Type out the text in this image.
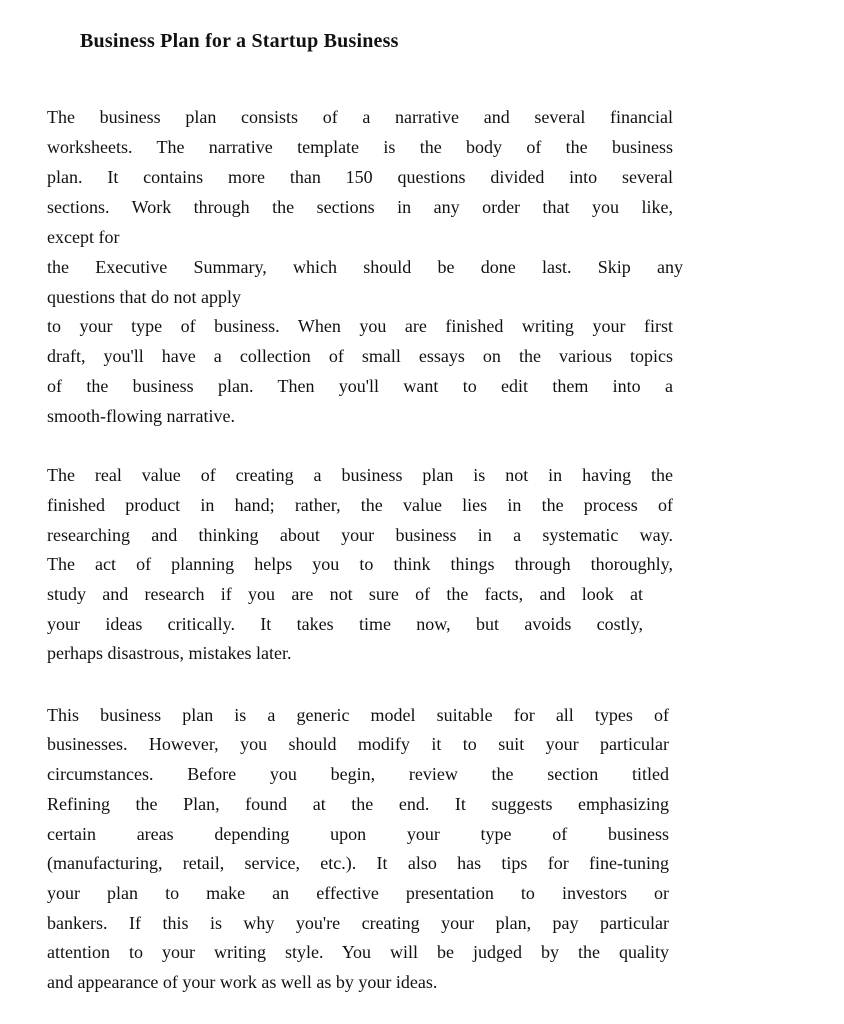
Business Plan for a Startup Business

The business plan consists of a narrative and several financial

worksheets. The narrative template is the body of the business

plan. It contains more than 150 questions divided into several

sections. Work through the sections in any order that you like,

except for

the Executive Summary, which should be done last. Skip any

questions that do not apply

to your type of business. When you are finished writing your first

draft, you'll have a collection of small essays on the various topics

of the business plan. Then you'll want to edit them into a

smooth-flowing narrative.

The real value of creating a business plan is not in having the

finished product in hand; rather, the value lies in the process of

researching and thinking about your business in a systematic way.

The act of planning helps you to think things through thoroughly,

study and research if you are not sure of the facts, and look at

your ideas critically. It takes time now, but avoids costly,

perhaps disastrous, mistakes later.

This business plan is a generic model suitable for all types of

businesses. However, you should modify it to suit your particular

circumstances. Before you begin, review the section titled

Refining the Plan, found at the end. It suggests emphasizing

certain areas depending upon your type of business

(manufacturing, retail, service, etc.). It also has tips for fine-tuning

your plan to make an effective presentation to investors or

bankers. If this is why you're creating your plan, pay particular

attention to your writing style. You will be judged by the quality

and appearance of your work as well as by your ideas.
